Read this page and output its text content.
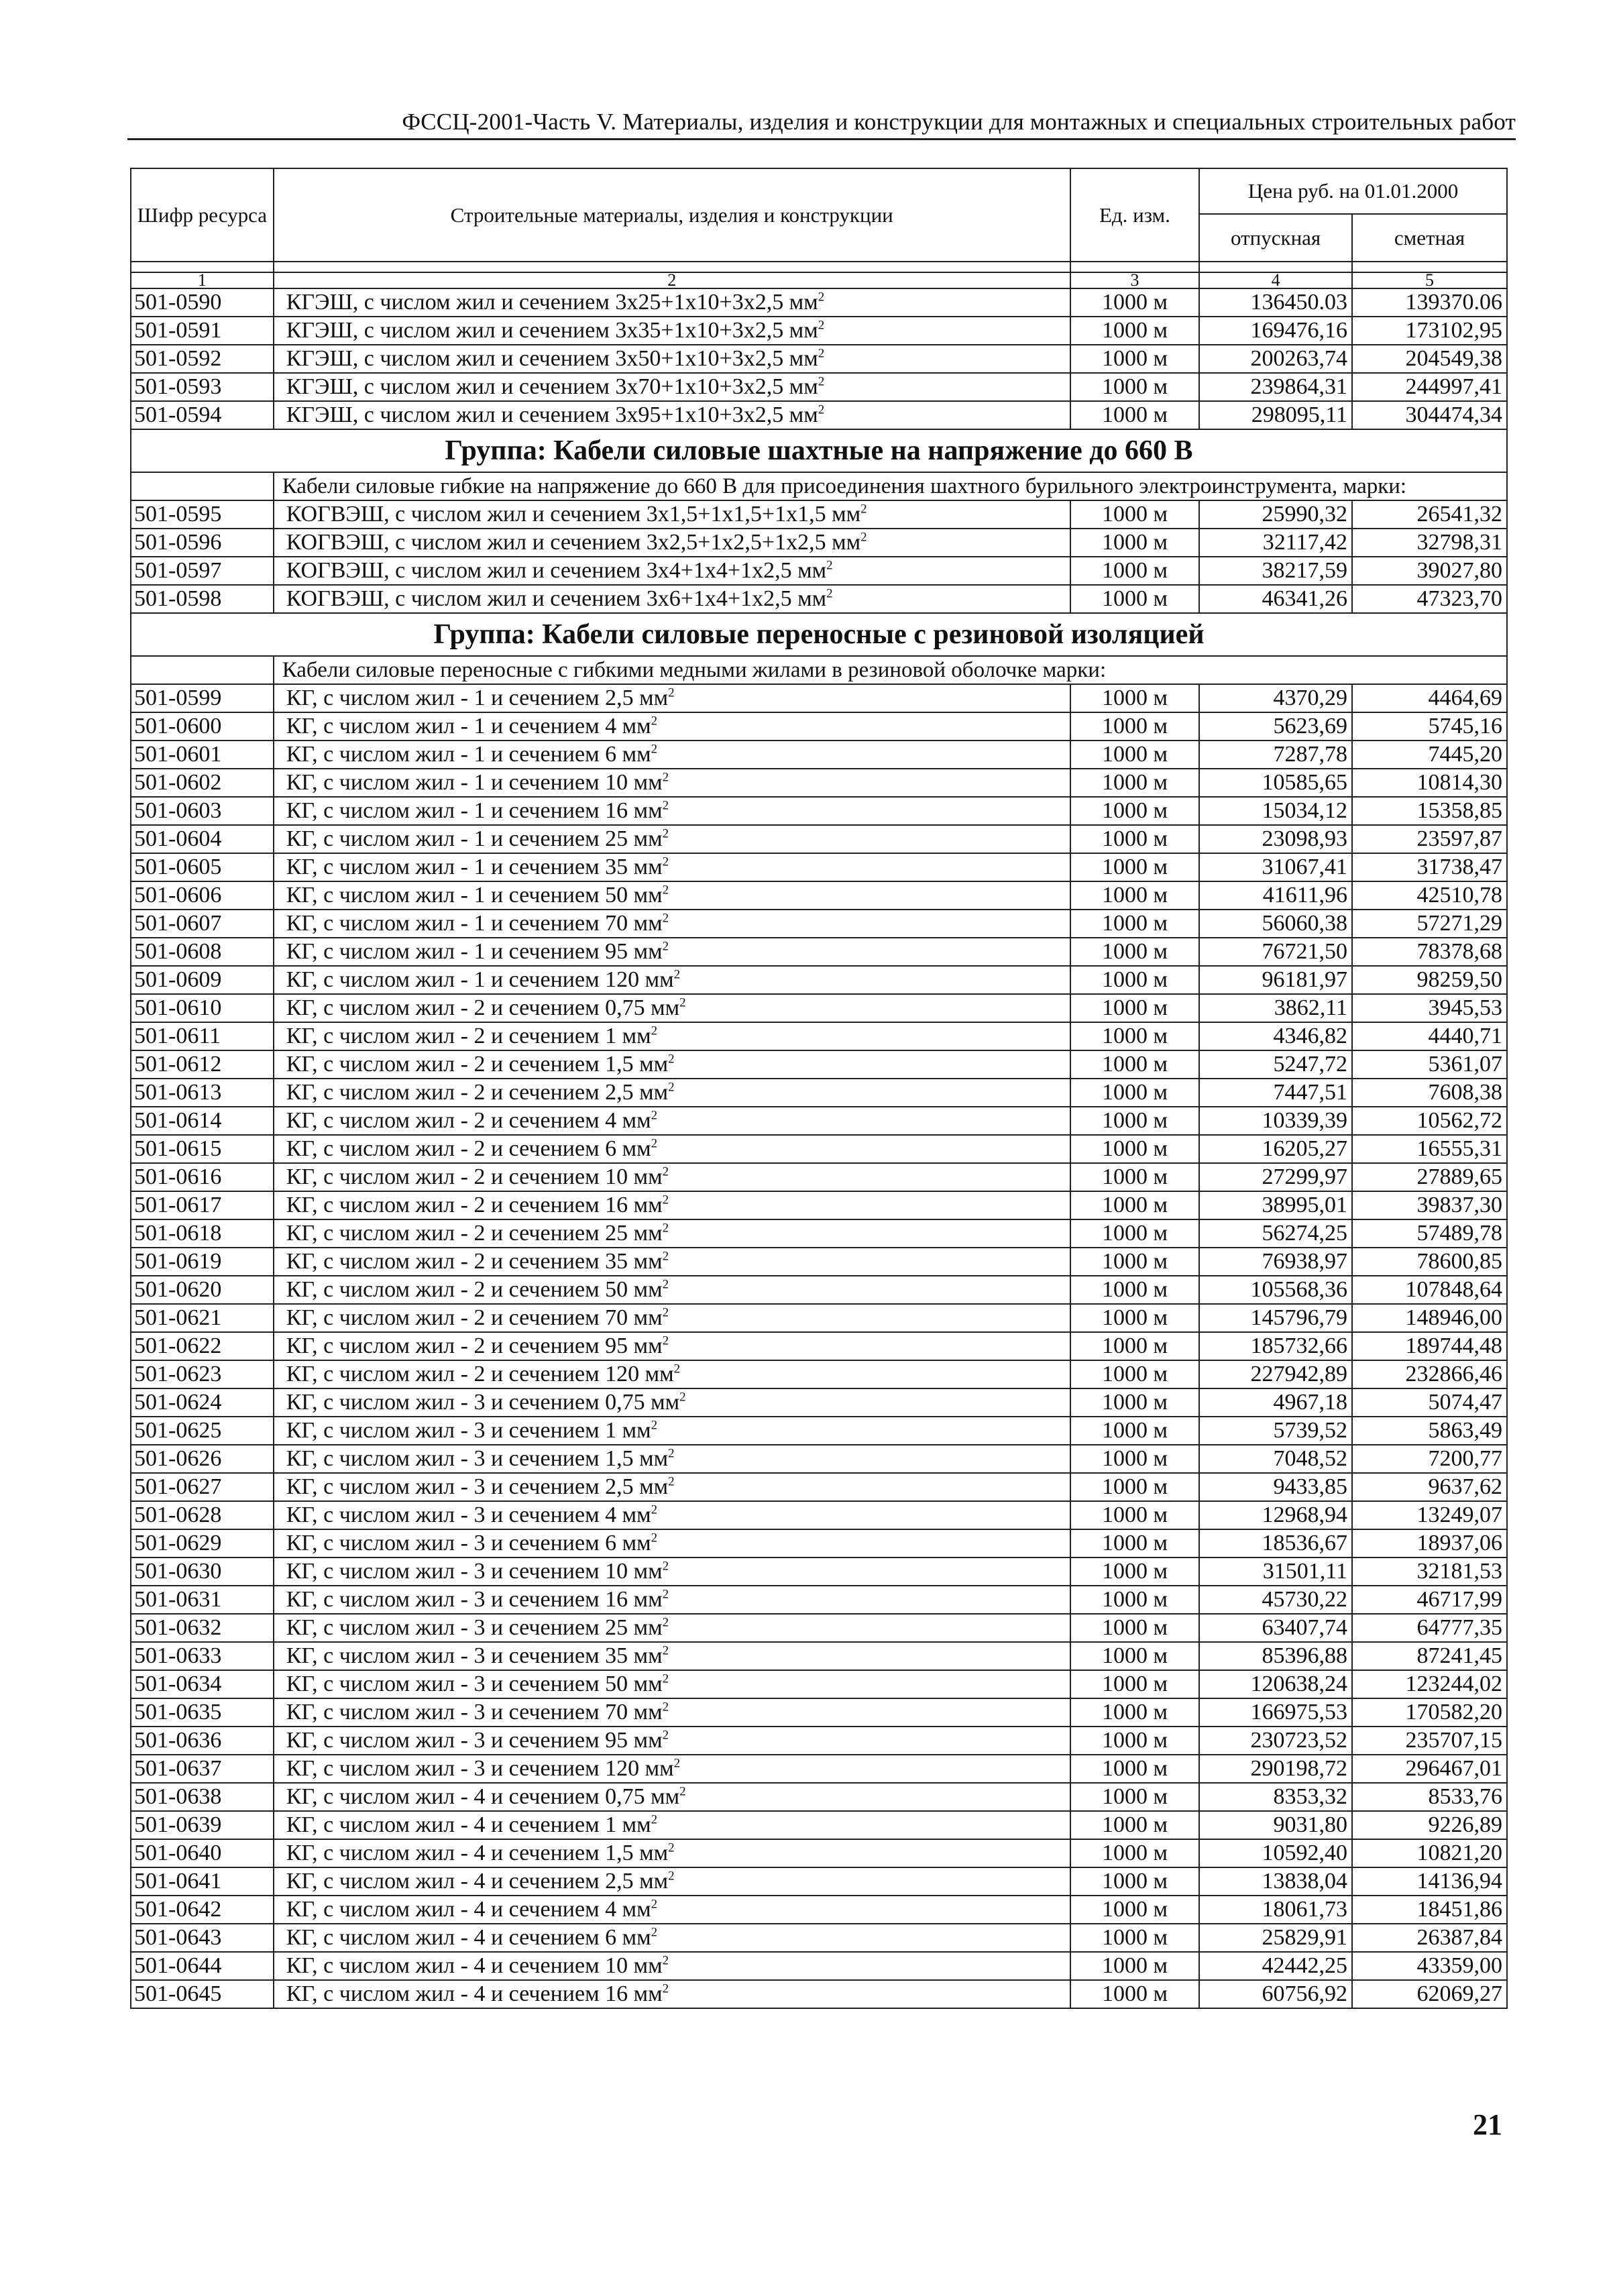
ФССЦ-2001-Часть V. Материалы, изделия и конструкции для монтажных и специальных строительных работ
Шифр ресурса	Строительные материалы, изделия и конструкции	Ед. изм.	Цена руб. на 01.01.2000	
			отпускная	сметная

1	2	3	4	5
501-0590	КГЭШ, с числом жил и сечением 3х25+1х10+3х2,5 $мм^2$	1000 м	136450.03	139370.06
501-0591	КГЭШ, с числом жил и сечением 3х35+1х10+3х2,5 $мм^2$	1000 м	169476,16	173102,95
501-0592	КГЭШ, с числом жил и сечением 3х50+1х10+3х2,5 $мм^2$	1000 м	200263,74	204549,38
501-0593	КГЭШ, с числом жил и сечением 3х70+1х10+3х2,5 $мм^2$	1000 м	239864,31	244997,41
501-0594	КГЭШ, с числом жил и сечением 3х95+1х10+3х2,5 $мм^2$	1000 м	298095,11	304474,34
Группа: Кабели силовые шахтные на напряжение до 660 В				
	Кабели силовые гибкие на напряжение до 660 В для присоединения шахтного бурильного электроинструмента, марки:			
501-0595	КОГВЭШ, с числом жил и сечением 3х1,5+1х1,5+1х1,5 $мм^2$	1000 м	25990,32	26541,32
501-0596	КОГВЭШ, с числом жил и сечением 3х2,5+1х2,5+1х2,5 $мм^2$	1000 м	32117,42	32798,31
501-0597	КОГВЭШ, с числом жил и сечением 3х4+1х4+1х2,5 $мм^2$	1000 м	38217,59	39027,80
501-0598	КОГВЭШ, с числом жил и сечением 3х6+1х4+1х2,5 $мм^2$	1000 м	46341,26	47323,70
Группа: Кабели силовые переносные с резиновой изоляцией				
	Кабели силовые переносные с гибкими медными жилами в резиновой оболочке марки:			
501-0599	КГ, с числом жил - 1 и сечением 2,5 $мм^2$	1000 м	4370,29	4464,69
501-0600	КГ, с числом жил - 1 и сечением 4 $мм^2$	1000 м	5623,69	5745,16
501-0601	КГ, с числом жил - 1 и сечением 6 $мм^2$	1000 м	7287,78	7445,20
501-0602	КГ, с числом жил - 1 и сечением 10 $мм^2$	1000 м	10585,65	10814,30
501-0603	КГ, с числом жил - 1 и сечением 16 $мм^2$	1000 м	15034,12	15358,85
501-0604	КГ, с числом жил - 1 и сечением 25 $мм^2$	1000 м	23098,93	23597,87
501-0605	КГ, с числом жил - 1 и сечением 35 $мм^2$	1000 м	31067,41	31738,47
501-0606	КГ, с числом жил - 1 и сечением 50 $мм^2$	1000 м	41611,96	42510,78
501-0607	КГ, с числом жил - 1 и сечением 70 $мм^2$	1000 м	56060,38	57271,29
501-0608	КГ, с числом жил - 1 и сечением 95 $мм^2$	1000 м	76721,50	78378,68
501-0609	КГ, с числом жил - 1 и сечением 120 $мм^2$	1000 м	96181,97	98259,50
501-0610	КГ, с числом жил - 2 и сечением 0,75 $мм^2$	1000 м	3862,11	3945,53
501-0611	КГ, с числом жил - 2 и сечением 1 $мм^2$	1000 м	4346,82	4440,71
501-0612	КГ, с числом жил - 2 и сечением 1,5 $мм^2$	1000 м	5247,72	5361,07
501-0613	КГ, с числом жил - 2 и сечением 2,5 $мм^2$	1000 м	7447,51	7608,38
501-0614	КГ, с числом жил - 2 и сечением 4 $мм^2$	1000 м	10339,39	10562,72
501-0615	КГ, с числом жил - 2 и сечением 6 $мм^2$	1000 м	16205,27	16555,31
501-0616	КГ, с числом жил - 2 и сечением 10 $мм^2$	1000 м	27299,97	27889,65
501-0617	КГ, с числом жил - 2 и сечением 16 $мм^2$	1000 м	38995,01	39837,30
501-0618	КГ, с числом жил - 2 и сечением 25 $мм^2$	1000 м	56274,25	57489,78
501-0619	КГ, с числом жил - 2 и сечением 35 $мм^2$	1000 м	76938,97	78600,85
501-0620	КГ, с числом жил - 2 и сечением 50 $мм^2$	1000 м	105568,36	107848,64
501-0621	КГ, с числом жил - 2 и сечением 70 $мм^2$	1000 м	145796,79	148946,00
501-0622	КГ, с числом жил - 2 и сечением 95 $мм^2$	1000 м	185732,66	189744,48
501-0623	КГ, с числом жил - 2 и сечением 120 $мм^2$	1000 м	227942,89	232866,46
501-0624	КГ, с числом жил - 3 и сечением 0,75 $мм^2$	1000 м	4967,18	5074,47
501-0625	КГ, с числом жил - 3 и сечением 1 $мм^2$	1000 м	5739,52	5863,49
501-0626	КГ, с числом жил - 3 и сечением 1,5 $мм^2$	1000 м	7048,52	7200,77
501-0627	КГ, с числом жил - 3 и сечением 2,5 $мм^2$	1000 м	9433,85	9637,62
501-0628	КГ, с числом жил - 3 и сечением 4 $мм^2$	1000 м	12968,94	13249,07
501-0629	КГ, с числом жил - 3 и сечением 6 $мм^2$	1000 м	18536,67	18937,06
501-0630	КГ, с числом жил - 3 и сечением 10 $мм^2$	1000 м	31501,11	32181,53
501-0631	КГ, с числом жил - 3 и сечением 16 $мм^2$	1000 м	45730,22	46717,99
501-0632	КГ, с числом жил - 3 и сечением 25 $мм^2$	1000 м	63407,74	64777,35
501-0633	КГ, с числом жил - 3 и сечением 35 $мм^2$	1000 м	85396,88	87241,45
501-0634	КГ, с числом жил - 3 и сечением 50 $мм^2$	1000 м	120638,24	123244,02
501-0635	КГ, с числом жил - 3 и сечением 70 $мм^2$	1000 м	166975,53	170582,20
501-0636	КГ, с числом жил - 3 и сечением 95 $мм^2$	1000 м	230723,52	235707,15
501-0637	КГ, с числом жил - 3 и сечением 120 $мм^2$	1000 м	290198,72	296467,01
501-0638	КГ, с числом жил - 4 и сечением 0,75 $мм^2$	1000 м	8353,32	8533,76
501-0639	КГ, с числом жил - 4 и сечением 1 $мм^2$	1000 м	9031,80	9226,89
501-0640	КГ, с числом жил - 4 и сечением 1,5 $мм^2$	1000 м	10592,40	10821,20
501-0641	КГ, с числом жил - 4 и сечением 2,5 $мм^2$	1000 м	13838,04	14136,94
501-0642	КГ, с числом жил - 4 и сечением 4 $мм^2$	1000 м	18061,73	18451,86
501-0643	КГ, с числом жил - 4 и сечением 6 $мм^2$	1000 м	25829,91	26387,84
501-0644	КГ, с числом жил - 4 и сечением 10 $мм^2$	1000 м	42442,25	43359,00
501-0645	КГ, с числом жил - 4 и сечением 16 $мм^2$	1000 м	60756,92	62069,27
21
